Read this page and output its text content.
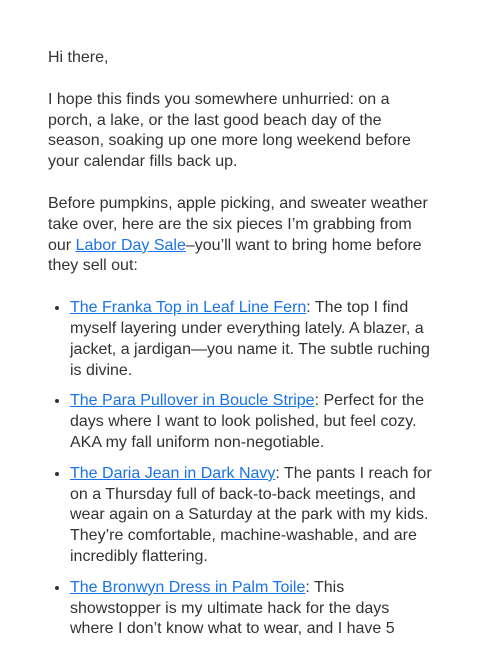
Hi there,

I hope this finds you somewhere unhurried: on a porch, a lake, or the last good beach day of the season, soaking up one more long weekend before your calendar fills back up.

Before pumpkins, apple picking, and sweater weather take over, here are the six pieces I’m grabbing from our Labor Day Sale–you’ll want to bring home before they sell out:

• The Franka Top in Leaf Line Fern: The top I find myself layering under everything lately. A blazer, a jacket, a jardigan—you name it. The subtle ruching is divine.
• The Para Pullover in Boucle Stripe: Perfect for the days where I want to look polished, but feel cozy. AKA my fall uniform non-negotiable.
• The Daria Jean in Dark Navy: The pants I reach for on a Thursday full of back-to-back meetings, and wear again on a Saturday at the park with my kids. They’re comfortable, machine-washable, and are incredibly flattering.
• The Bronwyn Dress in Palm Toile: This showstopper is my ultimate hack for the days where I don’t know what to wear, and I have 5
